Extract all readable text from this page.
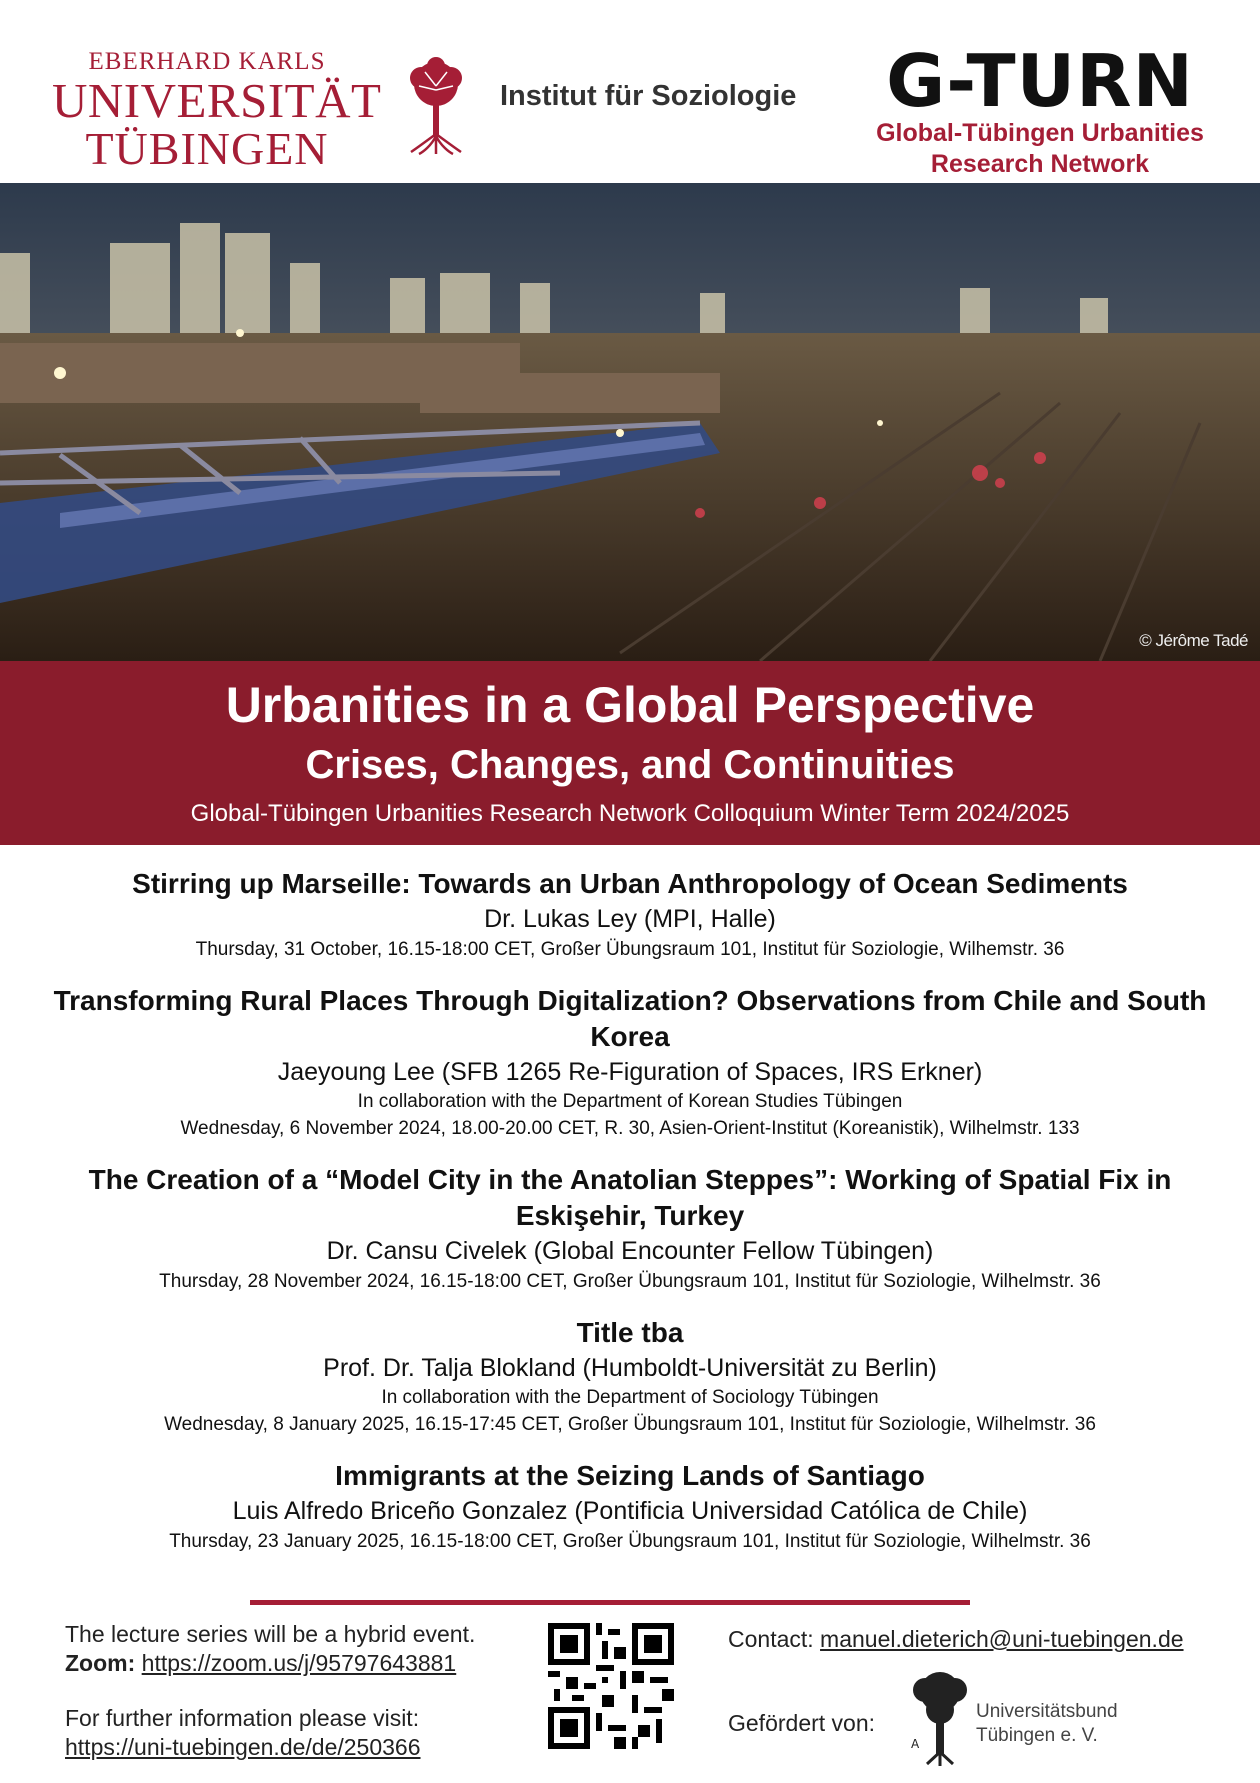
EBERHARD KARLS
UNIVERSITÄT
TÜBINGEN
Institut für Soziologie	G-TURN
Global-Tübingen Urbanities
Research Network
© Jérôme Tadé
Urbanities in a Global Perspective
Crises, Changes, and Continuities
Global-Tübingen Urbanities Research Network Colloquium Winter Term 2024/2025
Stirring up Marseille: Towards an Urban Anthropology of Ocean Sediments
Dr. Lukas Ley (MPI, Halle)
Thursday, 31 October, 16.15-18:00 CET, Großer Übungsraum 101, Institut für Soziologie, Wilhemstr. 36
Transforming Rural Places Through Digitalization? Observations from Chile and South Korea
Jaeyoung Lee (SFB 1265 Re-Figuration of Spaces, IRS Erkner)
In collaboration with the Department of Korean Studies Tübingen
Wednesday, 6 November 2024, 18.00-20.00 CET, R. 30, Asien-Orient-Institut (Koreanistik), Wilhelmstr. 133
The Creation of a “Model City in the Anatolian Steppes”: Working of Spatial Fix in Eskişehir, Turkey
Dr. Cansu Civelek (Global Encounter Fellow Tübingen)
Thursday, 28 November 2024, 16.15-18:00 CET, Großer Übungsraum 101, Institut für Soziologie, Wilhelmstr. 36
Title tba
Prof. Dr. Talja Blokland (Humboldt-Universität zu Berlin)
In collaboration with the Department of Sociology Tübingen
Wednesday, 8 January 2025, 16.15-17:45 CET, Großer Übungsraum 101, Institut für Soziologie, Wilhelmstr. 36
Immigrants at the Seizing Lands of Santiago
Luis Alfredo Briceño Gonzalez (Pontificia Universidad Católica de Chile)
Thursday, 23 January 2025, 16.15-18:00 CET, Großer Übungsraum 101, Institut für Soziologie, Wilhelmstr. 36
The lecture series will be a hybrid event.
Zoom: https://zoom.us/j/95797643881
For further information please visit:
https://uni-tuebingen.de/de/250366
Contact: manuel.dieterich@uni-tuebingen.de
Gefördert von:
A
Universitätsbund
Tübingen e. V.
